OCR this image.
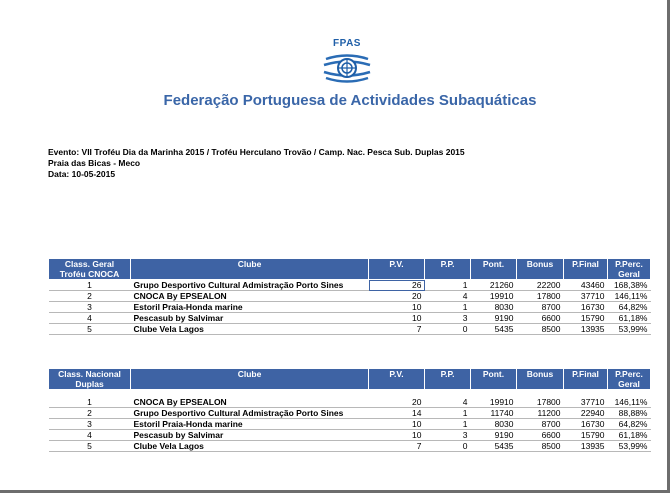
FPAS
Federação Portuguesa de Actividades Subaquáticas
Evento: VII Troféu Dia da Marinha 2015 / Troféu Herculano Trovão / Camp. Nac. Pesca Sub. Duplas 2015
Praia das Bicas - Meco
Data: 10-05-2015
Class. Geral Troféu CNOCA	Clube	P.V.	P.P.	Pont.	Bonus	P.Final	P.Perc. Geral
1	Grupo Desportivo Cultural Admistração Porto Sines	26	1	21260	22200	43460	168,38%
2	CNOCA By EPSEALON	20	4	19910	17800	37710	146,11%
3	Estoril Praia-Honda marine	10	1	8030	8700	16730	64,82%
4	Pescasub by Salvimar	10	3	9190	6600	15790	61,18%
5	Clube Vela Lagos	7	0	5435	8500	13935	53,99%
Class. Nacional Duplas	Clube	P.V.	P.P.	Pont.	Bonus	P.Final	P.Perc. Geral

1	CNOCA By EPSEALON	20	4	19910	17800	37710	146,11%
2	Grupo Desportivo Cultural Admistração Porto Sines	14	1	11740	11200	22940	88,88%
3	Estoril Praia-Honda marine	10	1	8030	8700	16730	64,82%
4	Pescasub by Salvimar	10	3	9190	6600	15790	61,18%
5	Clube Vela Lagos	7	0	5435	8500	13935	53,99%
